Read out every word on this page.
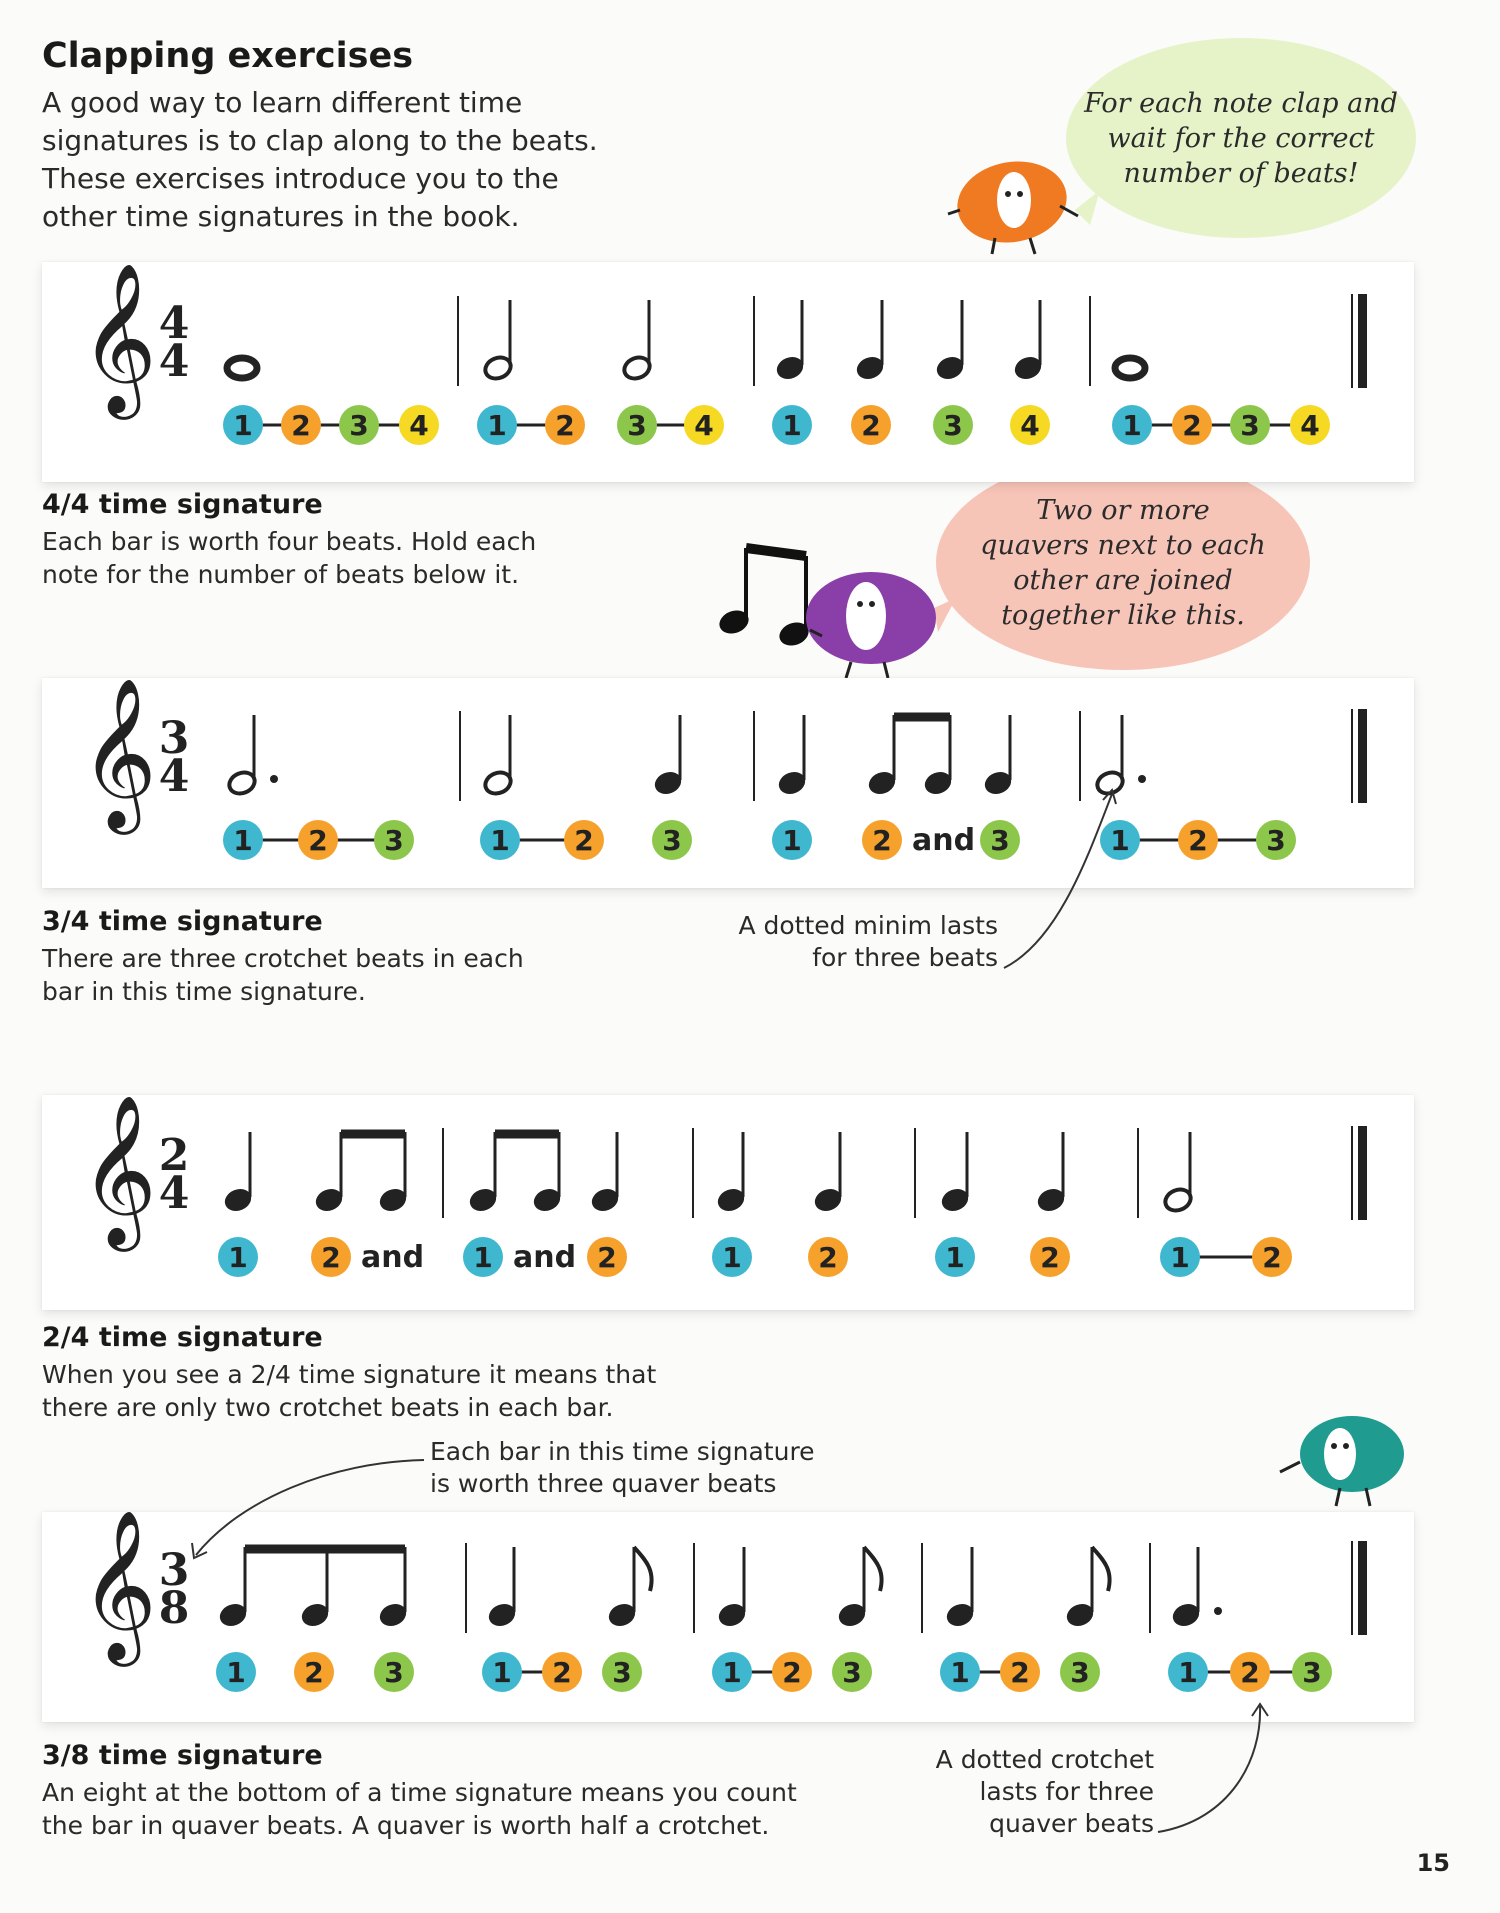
Clapping exercises
A good way to learn different time signatures is to clap along to the beats. These exercises introduce you to the other time signatures in the book.
For each note clap and
wait for the correct
number of beats!
Two or more
quavers next to each
other are joined
together like this.
𝄞 4
4
1 2 3 4 1 2 3 4 1 2 3 4	1 2 3 4
4/4 time signature
Each bar is worth four beats. Hold each
note for the number of beats below it.
𝄞 3
4
1 2 3	1 2 3	1	2 and 3	1 2 3
3/4 time signature
There are three crotchet beats in each
bar in this time signature.
A dotted minim lasts
for three beats
𝄞 2
4
1	2 and 1 and 2	1	2	1	2	1	2
2/4 time signature
When you see a 2/4 time signature it means that
there are only two crotchet beats in each bar.
Each bar in this time signature
is worth three quaver beats
𝄞 3
8
1 2 3	1 2 3	1 2 3	1 2 3	1 2 3
3/8 time signature
An eight at the bottom of a time signature means you count
the bar in quaver beats. A quaver is worth half a crotchet.
A dotted crotchet
lasts for three
quaver beats
15
